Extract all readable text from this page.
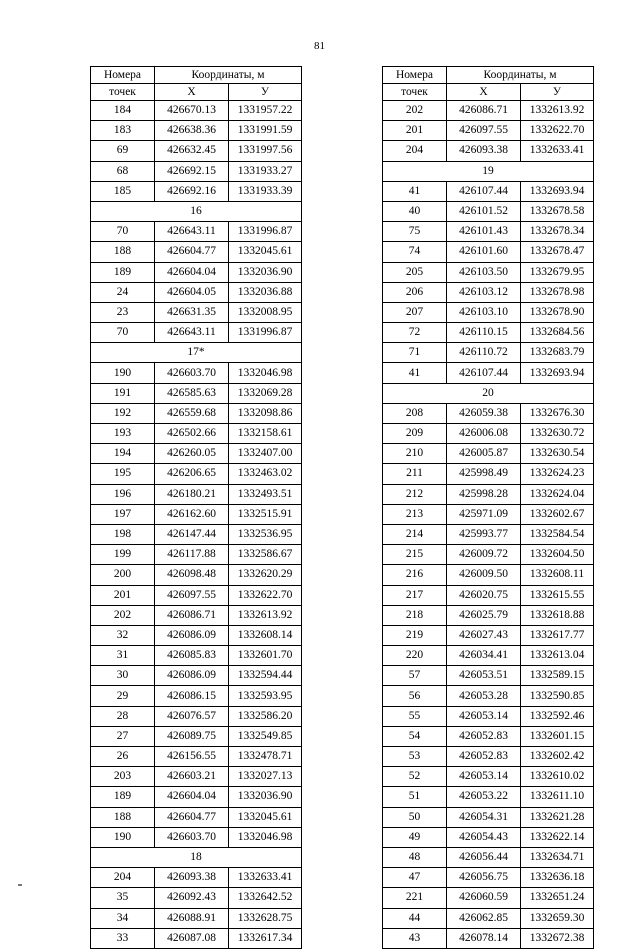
81
Номера	Координаты, м	
точек	Х	У
184	426670.13	1331957.22
183	426638.36	1331991.59
69	426632.45	1331997.56
68	426692.15	1331933.27
185	426692.16	1331933.39
16		
70	426643.11	1331996.87
188	426604.77	1332045.61
189	426604.04	1332036.90
24	426604.05	1332036.88
23	426631.35	1332008.95
70	426643.11	1331996.87
17*		
190	426603.70	1332046.98
191	426585.63	1332069.28
192	426559.68	1332098.86
193	426502.66	1332158.61
194	426260.05	1332407.00
195	426206.65	1332463.02
196	426180.21	1332493.51
197	426162.60	1332515.91
198	426147.44	1332536.95
199	426117.88	1332586.67
200	426098.48	1332620.29
201	426097.55	1332622.70
202	426086.71	1332613.92
32	426086.09	1332608.14
31	426085.83	1332601.70
30	426086.09	1332594.44
29	426086.15	1332593.95
28	426076.57	1332586.20
27	426089.75	1332549.85
26	426156.55	1332478.71
203	426603.21	1332027.13
189	426604.04	1332036.90
188	426604.77	1332045.61
190	426603.70	1332046.98
18		
204	426093.38	1332633.41
35	426092.43	1332642.52
34	426088.91	1332628.75
33	426087.08	1332617.34
Номера	Координаты, м	
точек	Х	У
202	426086.71	1332613.92
201	426097.55	1332622.70
204	426093.38	1332633.41
19		
41	426107.44	1332693.94
40	426101.52	1332678.58
75	426101.43	1332678.34
74	426101.60	1332678.47
205	426103.50	1332679.95
206	426103.12	1332678.98
207	426103.10	1332678.90
72	426110.15	1332684.56
71	426110.72	1332683.79
41	426107.44	1332693.94
20		
208	426059.38	1332676.30
209	426006.08	1332630.72
210	426005.87	1332630.54
211	425998.49	1332624.23
212	425998.28	1332624.04
213	425971.09	1332602.67
214	425993.77	1332584.54
215	426009.72	1332604.50
216	426009.50	1332608.11
217	426020.75	1332615.55
218	426025.79	1332618.88
219	426027.43	1332617.77
220	426034.41	1332613.04
57	426053.51	1332589.15
56	426053.28	1332590.85
55	426053.14	1332592.46
54	426052.83	1332601.15
53	426052.83	1332602.42
52	426053.14	1332610.02
51	426053.22	1332611.10
50	426054.31	1332621.28
49	426054.43	1332622.14
48	426056.44	1332634.71
47	426056.75	1332636.18
221	426060.59	1332651.24
44	426062.85	1332659.30
43	426078.14	1332672.38
